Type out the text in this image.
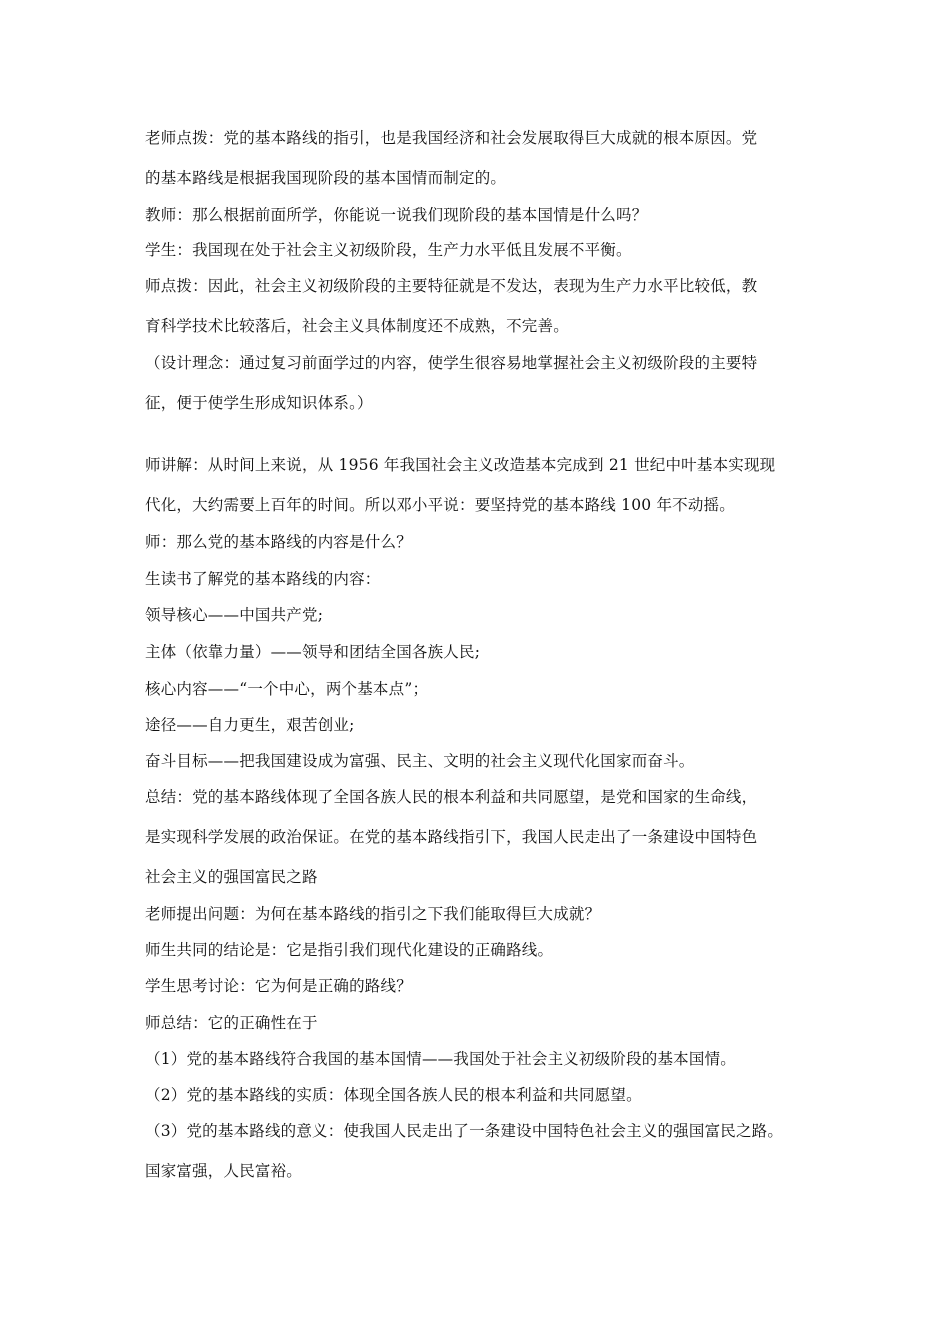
老师点拨：党的基本路线的指引，也是我国经济和社会发展取得巨大成就的根本原因。党
的基本路线是根据我国现阶段的基本国情而制定的。
教师：那么根据前面所学，你能说一说我们现阶段的基本国情是什么吗？
学生：我国现在处于社会主义初级阶段，生产力水平低且发展不平衡。
师点拨：因此，社会主义初级阶段的主要特征就是不发达，表现为生产力水平比较低，教
育科学技术比较落后，社会主义具体制度还不成熟，不完善。
（设计理念：通过复习前面学过的内容，使学生很容易地掌握社会主义初级阶段的主要特
征，便于使学生形成知识体系。）
师讲解：从时间上来说，从 1956 年我国社会主义改造基本完成到 21 世纪中叶基本实现现
代化，大约需要上百年的时间。所以邓小平说：要坚持党的基本路线 100 年不动摇。
师：那么党的基本路线的内容是什么？
生读书了解党的基本路线的内容：
领导核心——中国共产党;
主体（依靠力量）——领导和团结全国各族人民;
核心内容——“一个中心，两个基本点”；
途径——自力更生，艰苦创业;
奋斗目标——把我国建设成为富强、民主、文明的社会主义现代化国家而奋斗。
总结：党的基本路线体现了全国各族人民的根本利益和共同愿望，是党和国家的生命线，
是实现科学发展的政治保证。在党的基本路线指引下，我国人民走出了一条建设中国特色
社会主义的强国富民之路
老师提出问题：为何在基本路线的指引之下我们能取得巨大成就？
师生共同的结论是：它是指引我们现代化建设的正确路线。
学生思考讨论：它为何是正确的路线？
师总结：它的正确性在于
（1）党的基本路线符合我国的基本国情——我国处于社会主义初级阶段的基本国情。
（2）党的基本路线的实质：体现全国各族人民的根本利益和共同愿望。
（3）党的基本路线的意义：使我国人民走出了一条建设中国特色社会主义的强国富民之路。
国家富强，人民富裕。
